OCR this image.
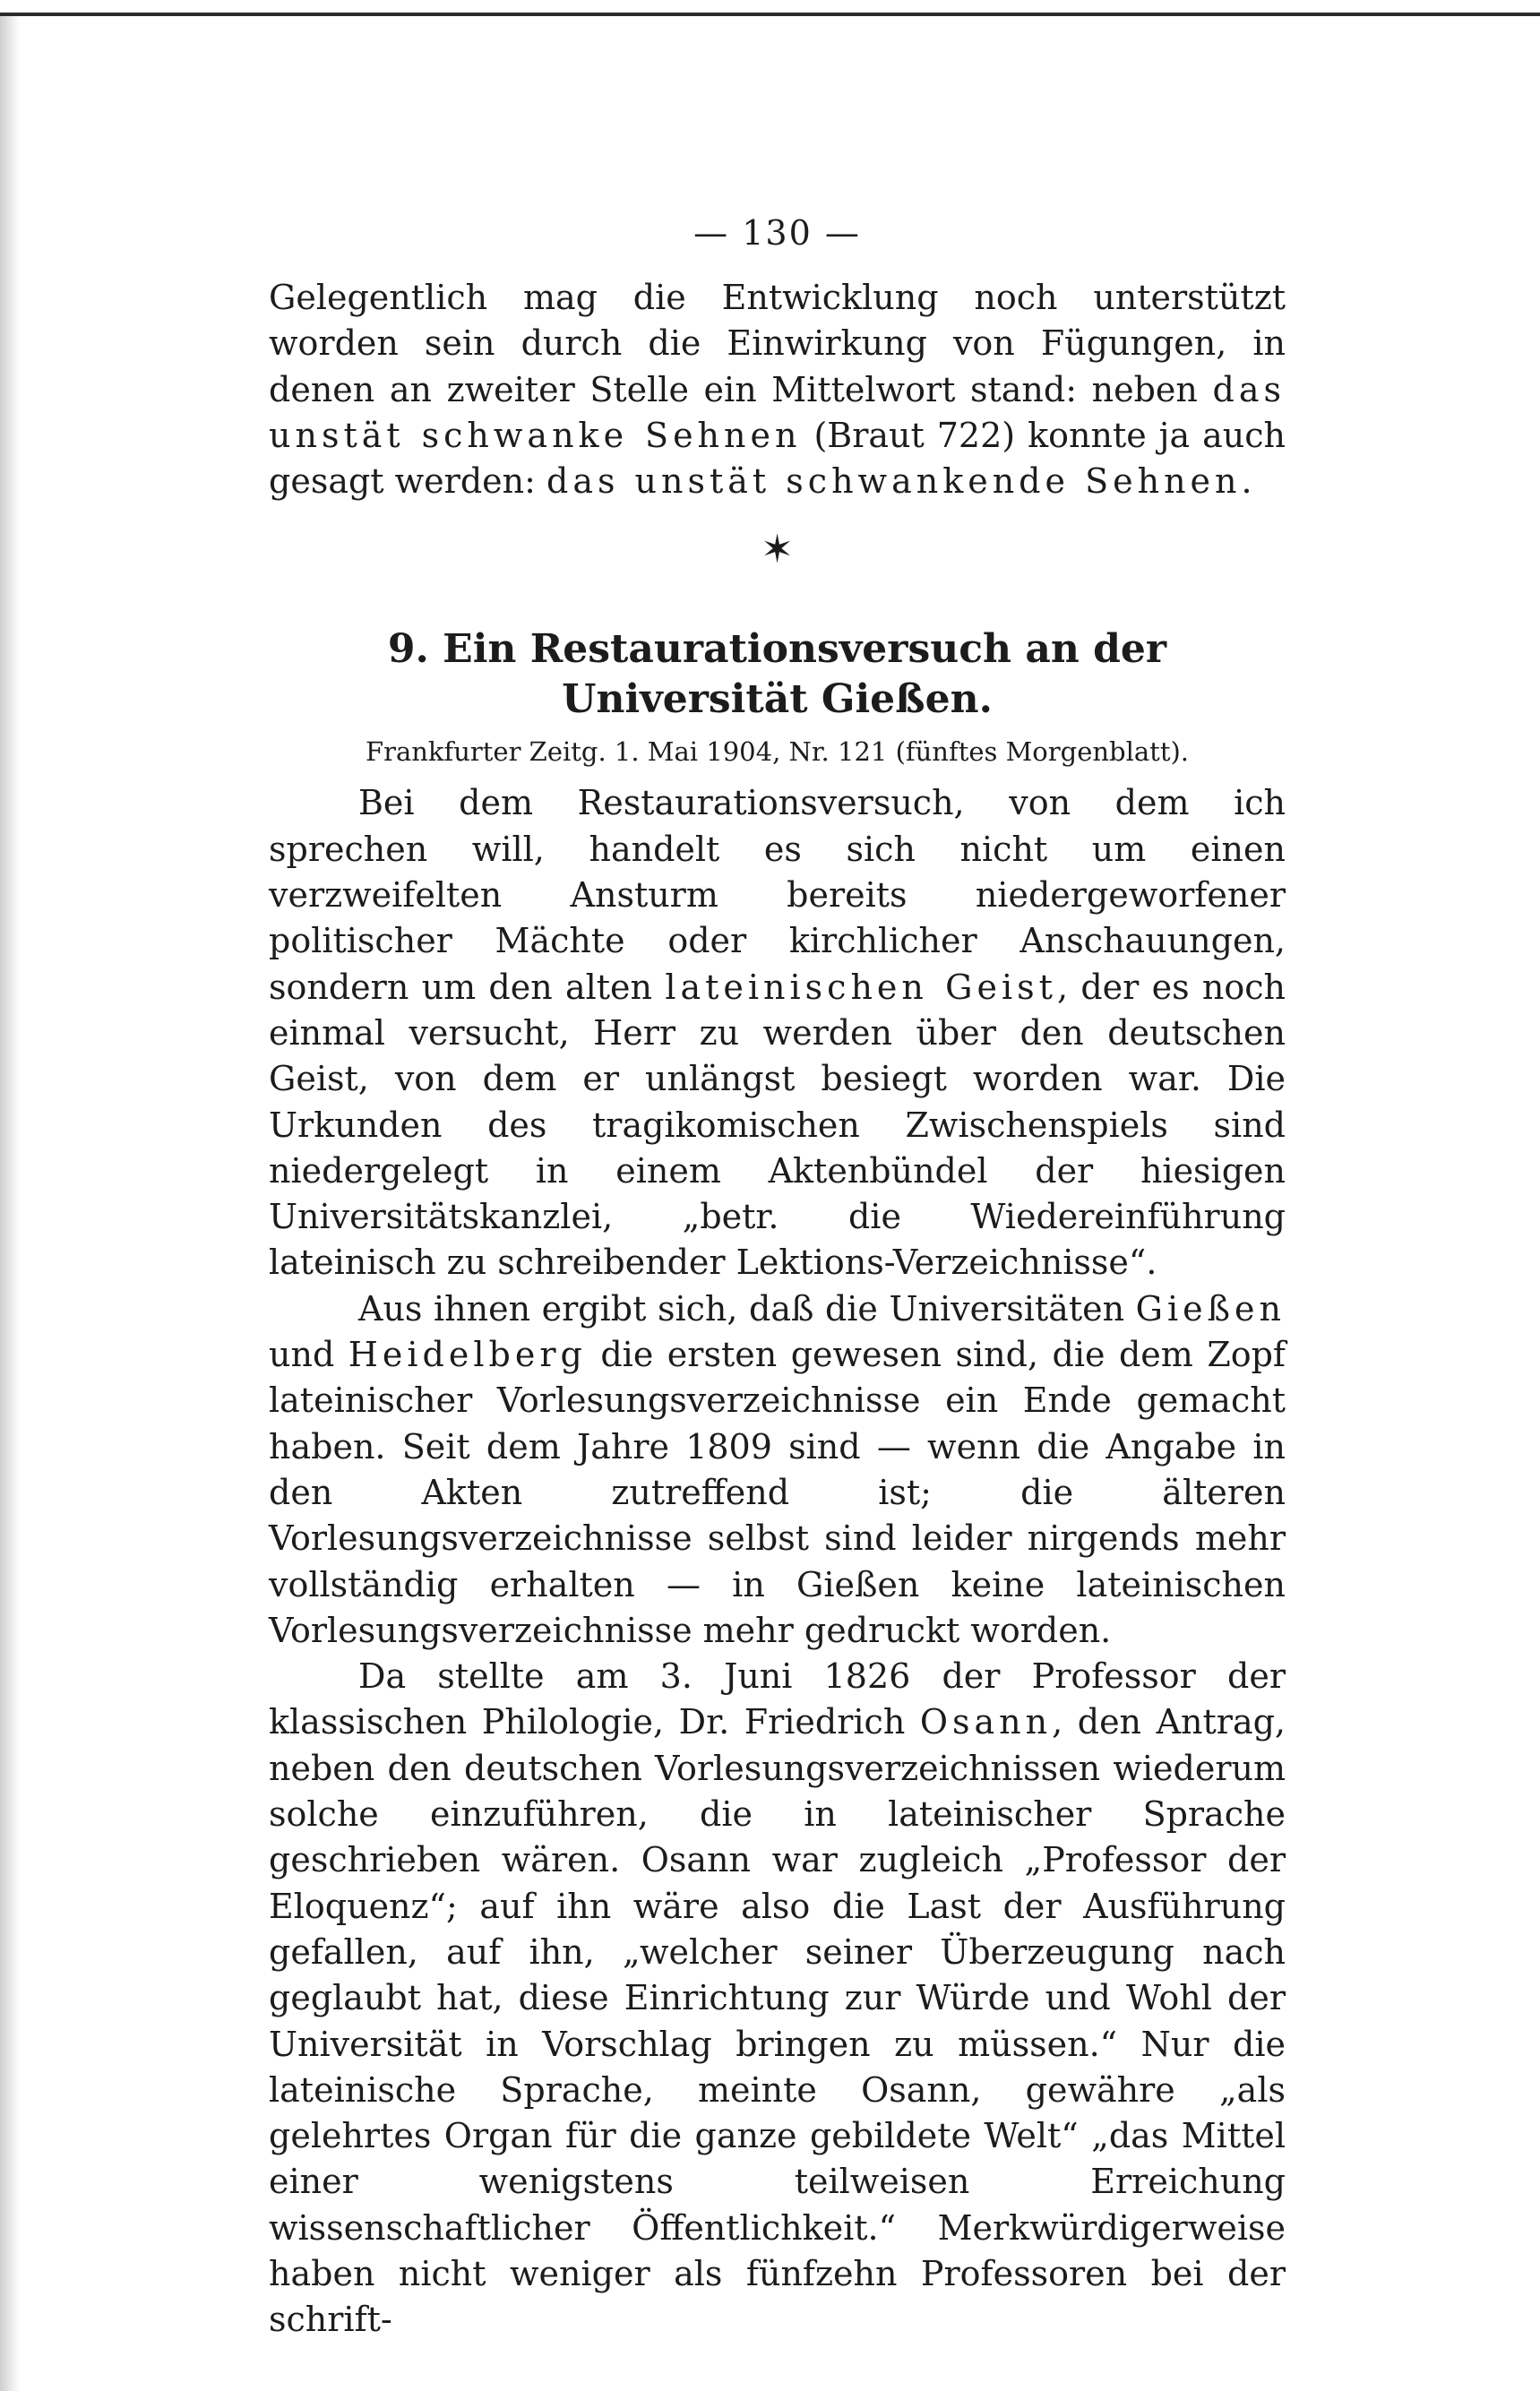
— 130 —

Gelegentlich mag die Entwicklung noch unterstützt worden sein durch die Einwirkung von Fügungen, in denen an zweiter Stelle ein Mittelwort stand: neben das unstät schwanke Sehnen (Braut 722) konnte ja auch gesagt werden: das unstät schwankende Sehnen.

✶
9. Ein Restaurationsversuch an der Universität Gießen.
Frankfurter Zeitg. 1. Mai 1904, Nr. 121 (fünftes Morgenblatt).

Bei dem Restaurationsversuch, von dem ich sprechen will, handelt es sich nicht um einen verzweifelten Ansturm bereits niedergeworfener politischer Mächte oder kirchlicher Anschauungen, sondern um den alten lateinischen Geist, der es noch einmal versucht, Herr zu werden über den deutschen Geist, von dem er unlängst besiegt worden war. Die Urkunden des tragikomischen Zwischenspiels sind niedergelegt in einem Aktenbündel der hiesigen Universitätskanzlei, „betr. die Wiedereinführung lateinisch zu schreibender Lektions-Verzeichnisse“.

Aus ihnen ergibt sich, daß die Universitäten Gießen und Heidelberg die ersten gewesen sind, die dem Zopf lateinischer Vorlesungsverzeichnisse ein Ende gemacht haben. Seit dem Jahre 1809 sind — wenn die Angabe in den Akten zutreffend ist; die älteren Vorlesungsverzeichnisse selbst sind leider nirgends mehr vollständig erhalten — in Gießen keine lateinischen Vorlesungsverzeichnisse mehr gedruckt worden.

Da stellte am 3. Juni 1826 der Professor der klassischen Philologie, Dr. Friedrich Osann, den Antrag, neben den deutschen Vorlesungsverzeichnissen wiederum solche einzuführen, die in lateinischer Sprache geschrieben wären. Osann war zugleich „Professor der Eloquenz“; auf ihn wäre also die Last der Ausführung gefallen, auf ihn, „welcher seiner Überzeugung nach geglaubt hat, diese Einrichtung zur Würde und Wohl der Universität in Vorschlag bringen zu müssen.“ Nur die lateinische Sprache, meinte Osann, gewähre „als gelehrtes Organ für die ganze gebildete Welt“ „das Mittel einer wenigstens teilweisen Erreichung wissenschaftlicher Öffentlichkeit.“ Merkwürdigerweise haben nicht weniger als fünfzehn Professoren bei der schrift-
